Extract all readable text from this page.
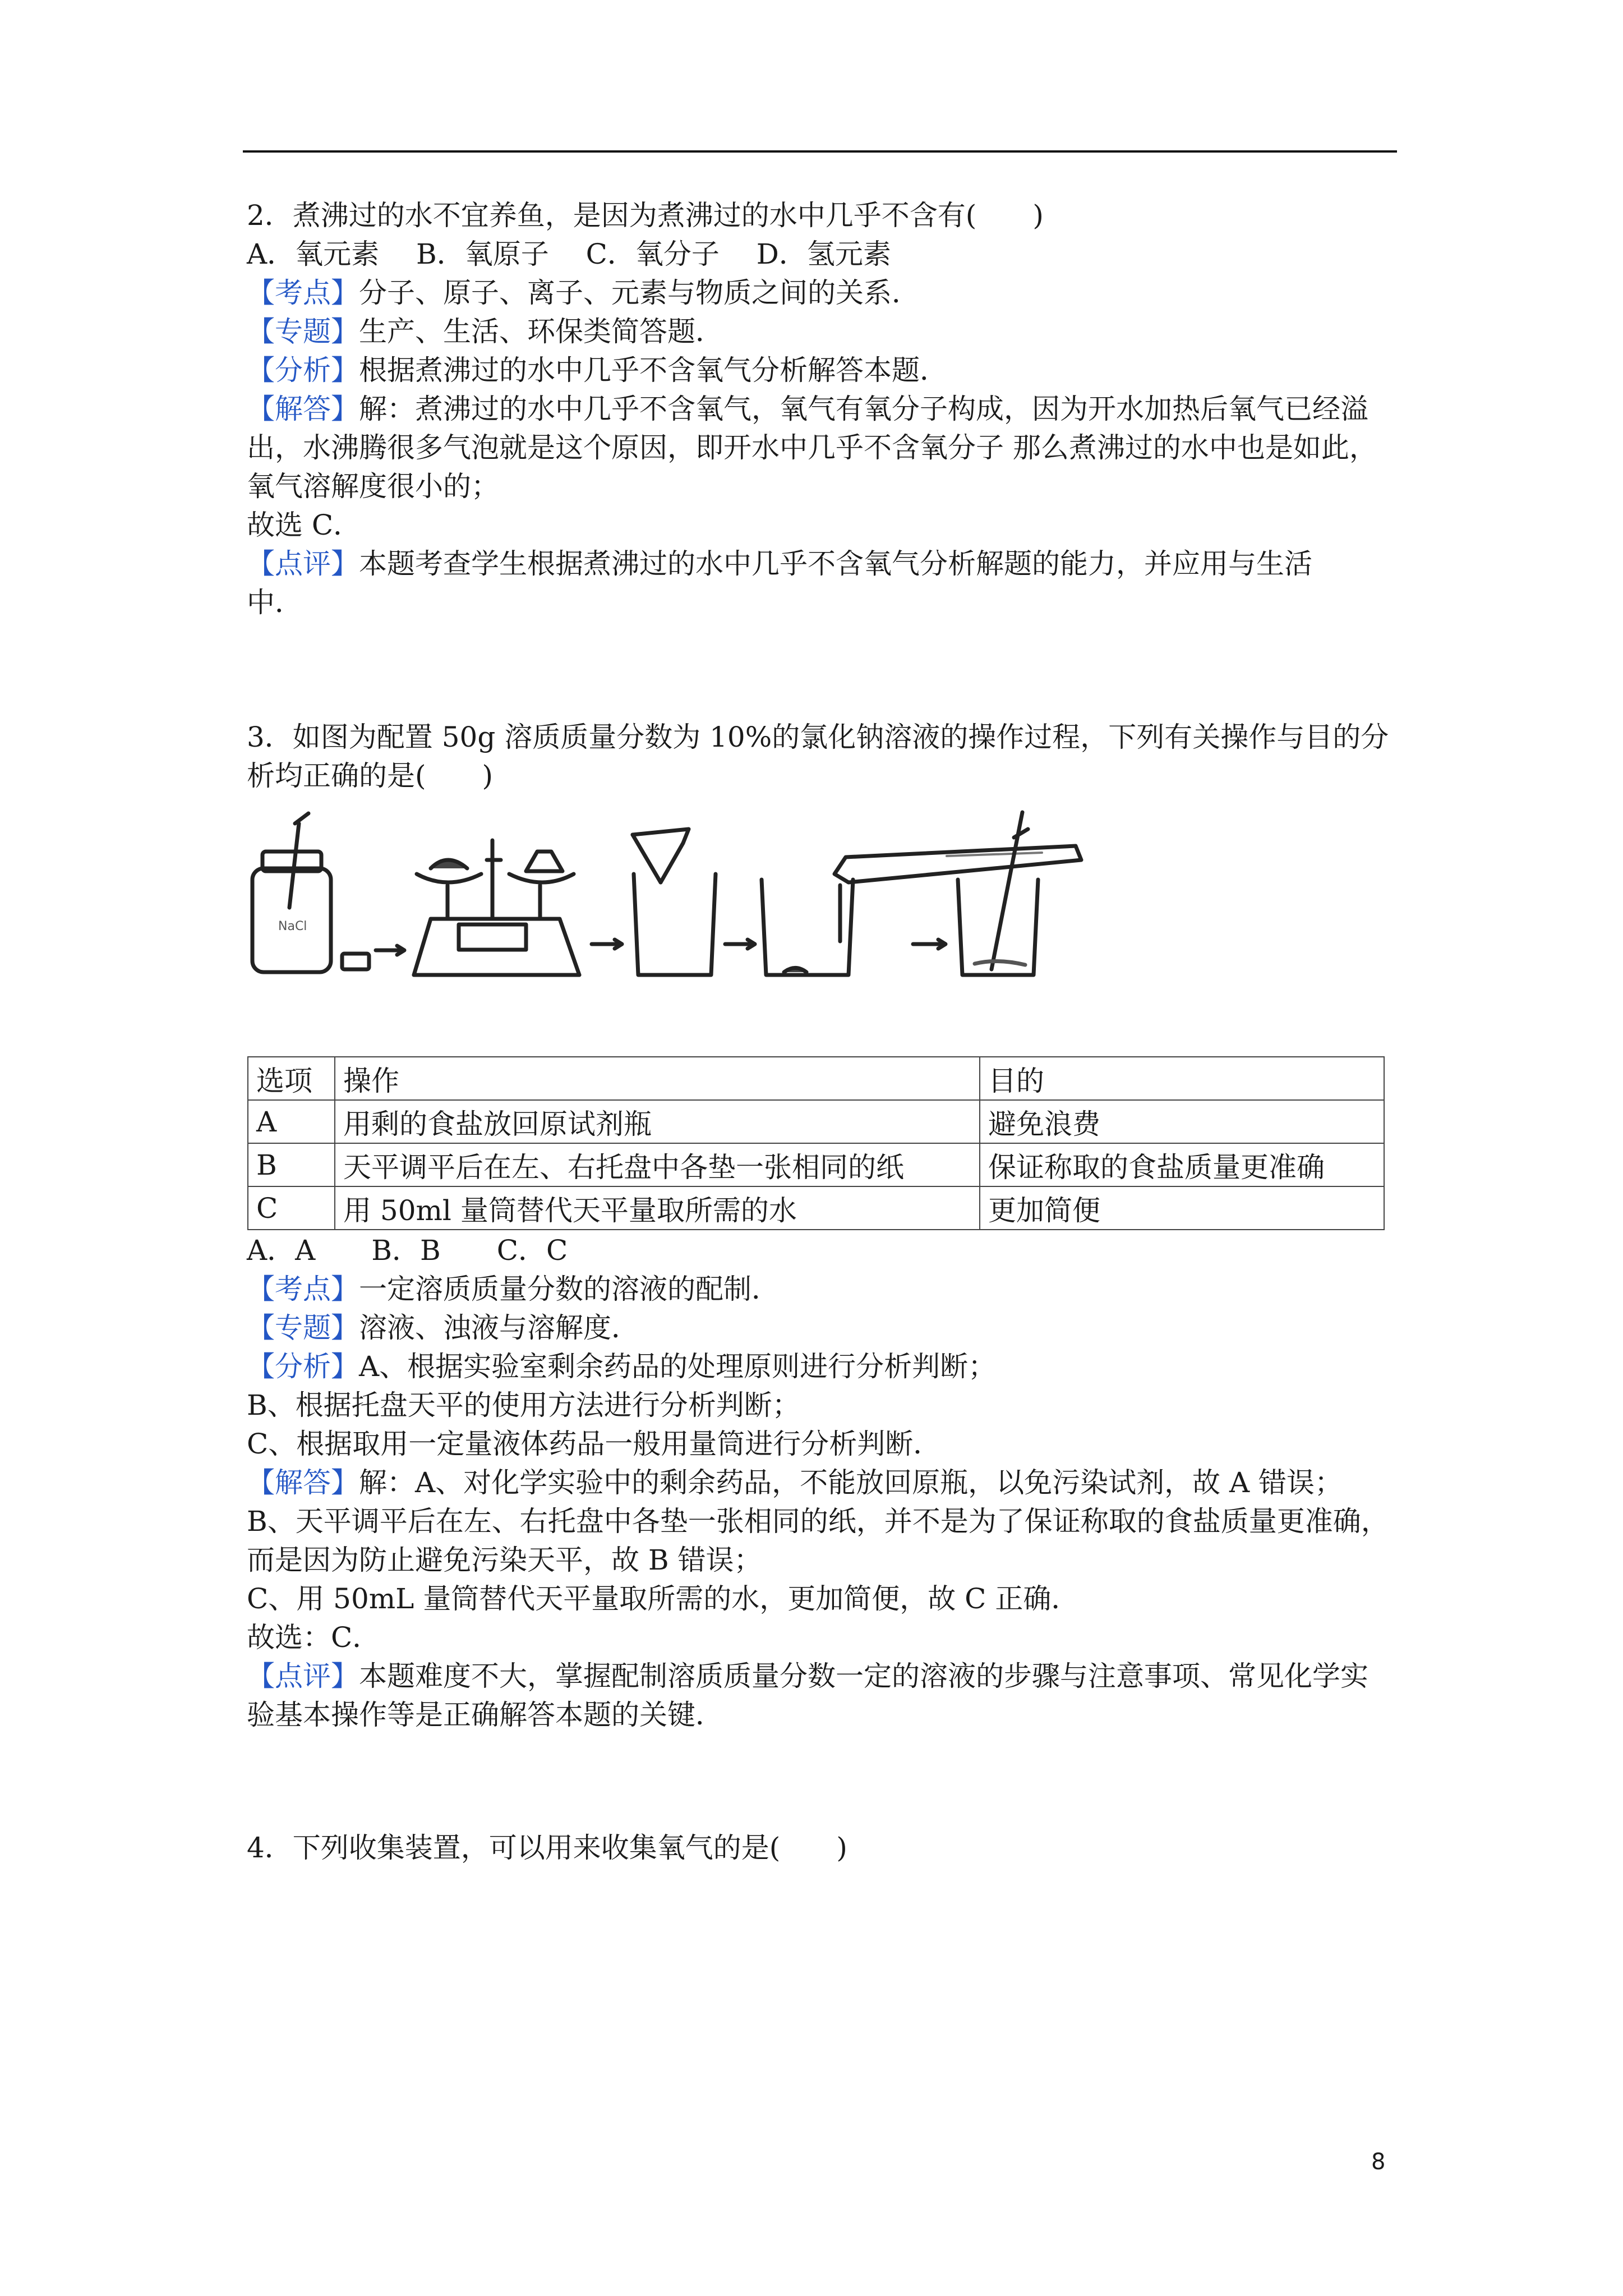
2．煮沸过的水不宜养鱼，是因为煮沸过的水中几乎不含有(　　)
A．氧元素　 B．氧原子　 C．氧分子　 D．氢元素
【考点】分子、原子、离子、元素与物质之间的关系．
【专题】生产、生活、环保类简答题．
【分析】根据煮沸过的水中几乎不含氧气分析解答本题．
【解答】解：煮沸过的水中几乎不含氧气，氧气有氧分子构成，因为开水加热后氧气已经溢
出，水沸腾很多气泡就是这个原因，即开水中几乎不含氧分子 那么煮沸过的水中也是如此，
氧气溶解度很小的；
故选 C．
【点评】本题考查学生根据煮沸过的水中几乎不含氧气分析解题的能力，并应用与生活
中．
3．如图为配置 50g 溶质质量分数为 10%的氯化钠溶液的操作过程，下列有关操作与目的分
析均正确的是(　　)
NaCl
选项	操作	目的
A	用剩的食盐放回原试剂瓶	避免浪费
B	天平调平后在左、右托盘中各垫一张相同的纸	保证称取的食盐质量更准确
C	用 50ml 量筒替代天平量取所需的水	更加简便
A．A　　B．B　　C．C
【考点】一定溶质质量分数的溶液的配制．
【专题】溶液、浊液与溶解度．
【分析】A、根据实验室剩余药品的处理原则进行分析判断；
B、根据托盘天平的使用方法进行分析判断；
C、根据取用一定量液体药品一般用量筒进行分析判断．
【解答】解：A、对化学实验中的剩余药品，不能放回原瓶，以免污染试剂，故 A 错误；
B、天平调平后在左、右托盘中各垫一张相同的纸，并不是为了保证称取的食盐质量更准确，
而是因为防止避免污染天平，故 B 错误；
C、用 50mL 量筒替代天平量取所需的水，更加简便，故 C 正确．
故选：C．
【点评】本题难度不大，掌握配制溶质质量分数一定的溶液的步骤与注意事项、常见化学实
验基本操作等是正确解答本题的关键．
4．下列收集装置，可以用来收集氧气的是(　　)
8
